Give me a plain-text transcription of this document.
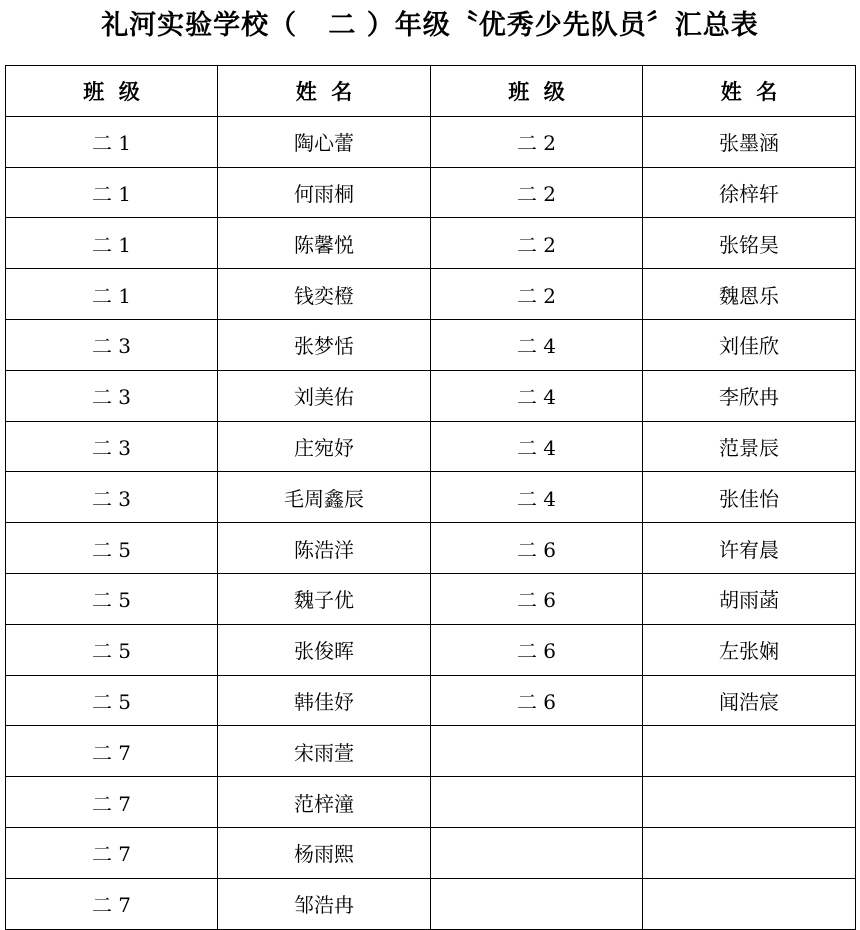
礼河实验学校（   二 ）年级〝优秀少先队员〞汇总表
班  级	姓  名	班  级	姓  名
二 1	陶心蕾	二 2	张墨涵
二 1	何雨桐	二 2	徐梓轩
二 1	陈馨悦	二 2	张铭昊
二 1	钱奕橙	二 2	魏恩乐
二 3	张梦恬	二 4	刘佳欣
二 3	刘美佑	二 4	李欣冉
二 3	庄宛妤	二 4	范景辰
二 3	毛周鑫辰	二 4	张佳怡
二 5	陈浩洋	二 6	许宥晨
二 5	魏子优	二 6	胡雨菡
二 5	张俊晖	二 6	左张娴
二 5	韩佳妤	二 6	闻浩宸
二 7	宋雨萱		
二 7	范梓潼		
二 7	杨雨熙		
二 7	邹浩冉		
